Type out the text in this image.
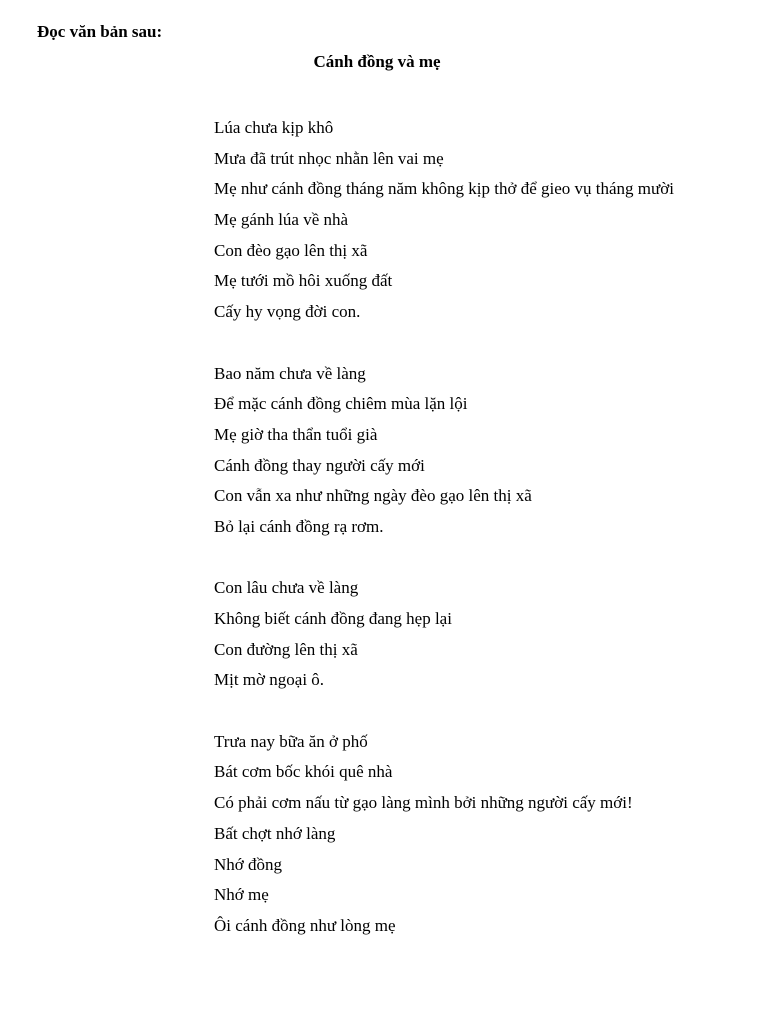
Đọc văn bản sau:
Cánh đồng và mẹ
Lúa chưa kịp khô
Mưa đã trút nhọc nhằn lên vai mẹ
Mẹ như cánh đồng tháng năm không kịp thở để gieo vụ tháng mười
Mẹ gánh lúa về nhà
Con đèo gạo lên thị xã
Mẹ tưới mồ hôi xuống đất
Cấy hy vọng đời con.
Bao năm chưa về làng
Để mặc cánh đồng chiêm mùa lặn lội
Mẹ giờ tha thẩn tuổi già
Cánh đồng thay người cấy mới
Con vẫn xa như những ngày đèo gạo lên thị xã
Bỏ lại cánh đồng rạ rơm.
Con lâu chưa về làng
Không biết cánh đồng đang hẹp lại
Con đường lên thị xã
Mịt mờ ngoại ô.
Trưa nay bữa ăn ở phố
Bát cơm bốc khói quê nhà
Có phải cơm nấu từ gạo làng mình bởi những người cấy mới!
Bất chợt nhớ làng
Nhớ đồng
Nhớ mẹ
Ôi cánh đồng như lòng mẹ
